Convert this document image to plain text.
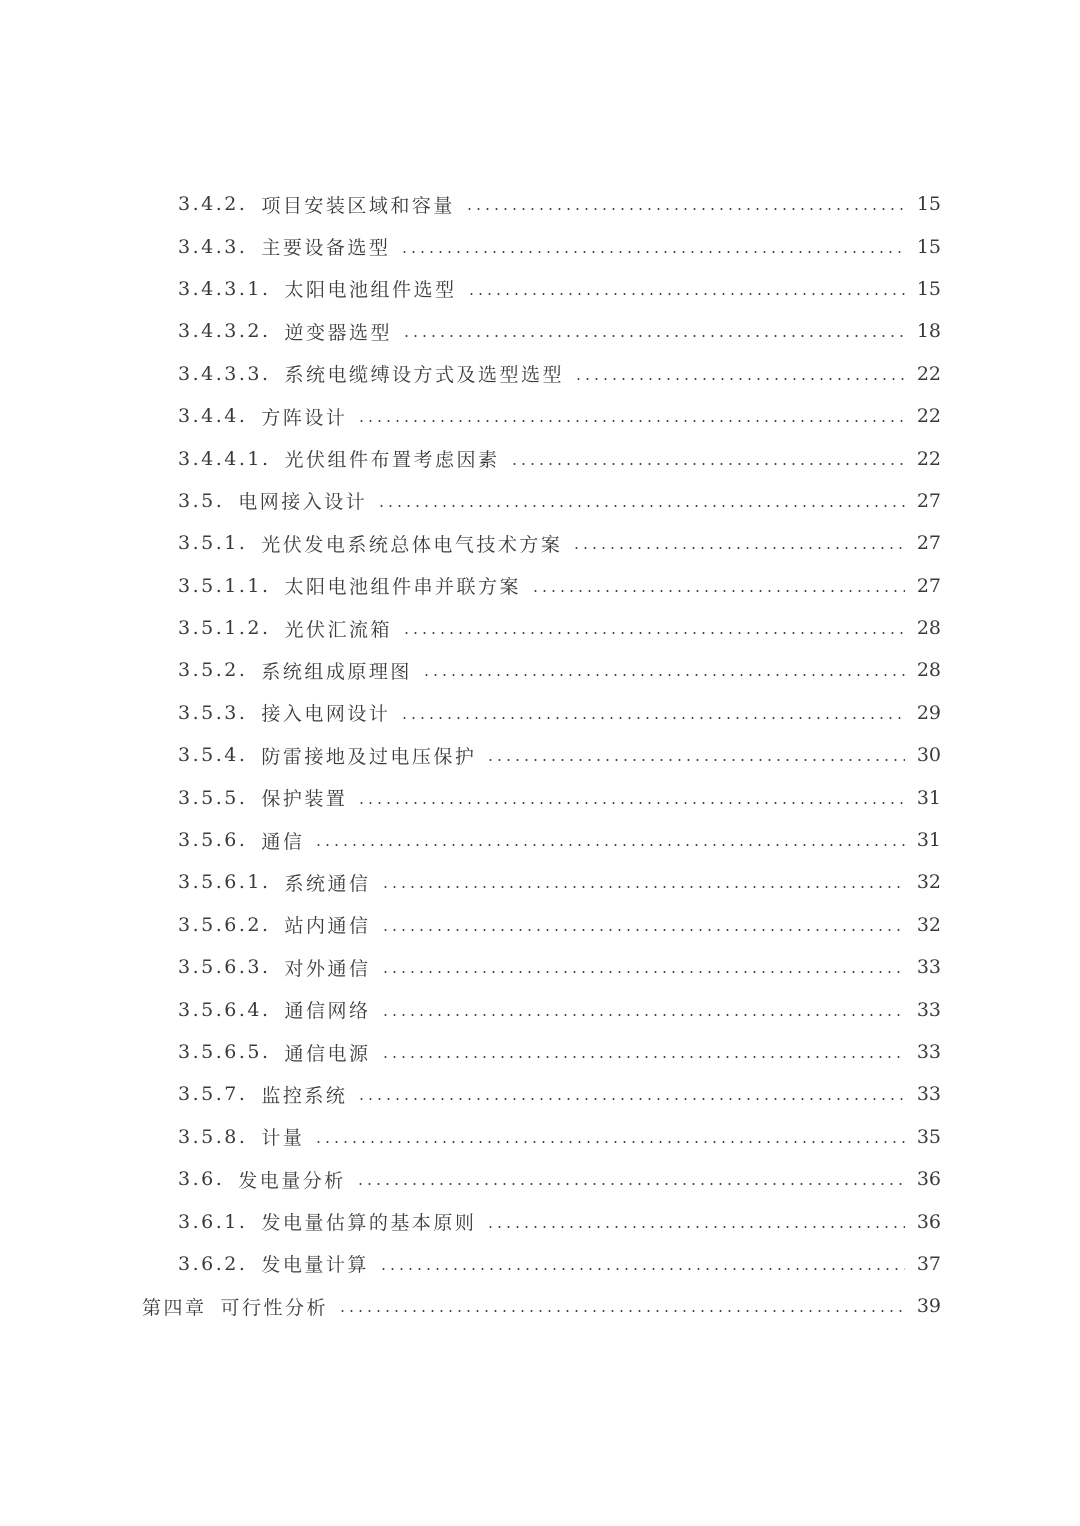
3.4.2. 项目安装区域和容量	15
3.4.3. 主要设备选型	15
3.4.3.1. 太阳电池组件选型	15
3.4.3.2. 逆变器选型	18
3.4.3.3. 系统电缆缚设方式及选型选型	22
3.4.4. 方阵设计	22
3.4.4.1. 光伏组件布置考虑因素	22
3.5. 电网接入设计	27
3.5.1. 光伏发电系统总体电气技术方案	27
3.5.1.1. 太阳电池组件串并联方案	27
3.5.1.2. 光伏汇流箱	28
3.5.2. 系统组成原理图	28
3.5.3. 接入电网设计	29
3.5.4. 防雷接地及过电压保护	30
3.5.5. 保护装置	31
3.5.6. 通信	31
3.5.6.1. 系统通信	32
3.5.6.2. 站内通信	32
3.5.6.3. 对外通信	33
3.5.6.4. 通信网络	33
3.5.6.5. 通信电源	33
3.5.7. 监控系统	33
3.5.8. 计量	35
3.6. 发电量分析	36
3.6.1. 发电量估算的基本原则	36
3.6.2. 发电量计算	37
第四章 可行性分析	39
